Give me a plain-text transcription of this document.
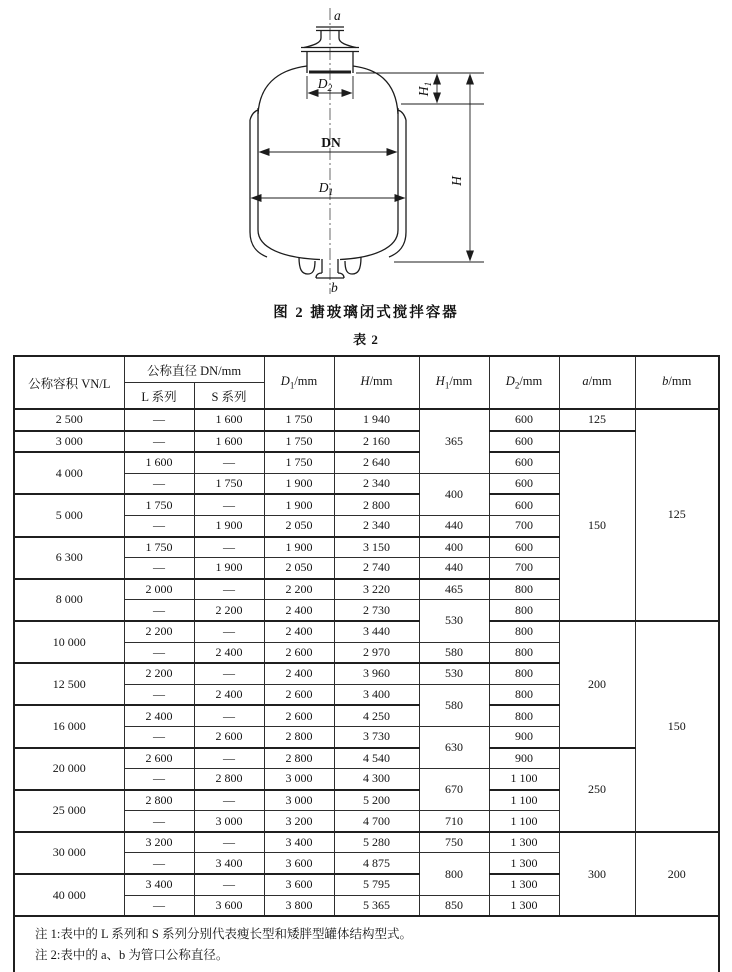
a
$D_2$
DN
$D_1$
$H_1$
H
b
图 2 搪玻璃闭式搅拌容器
表 2
公称容积 VN/L	公称直径 DN/mm		$D_1/mm$	H/mm	$H_1/mm$	$D_2/mm$	a/mm	b/mm
	L 系列	S 系列						
2 500	—	1 600	1 750	1 940	365	600	125	125
3 000	—	1 600	1 750	2 160		600	150	
4 000	1 600	—	1 750	2 640		600		
	—	1 750	1 900	2 340	400	600		
5 000	1 750	—	1 900	2 800		600		
	—	1 900	2 050	2 340	440	700		
6 300	1 750	—	1 900	3 150	400	600		
	—	1 900	2 050	2 740	440	700		
8 000	2 000	—	2 200	3 220	465	800		
	—	2 200	2 400	2 730	530	800		
10 000	2 200	—	2 400	3 440		800	200	150
	—	2 400	2 600	2 970	580	800		
12 500	2 200	—	2 400	3 960	530	800		
	—	2 400	2 600	3 400	580	800		
16 000	2 400	—	2 600	4 250		800		
	—	2 600	2 800	3 730	630	900		
20 000	2 600	—	2 800	4 540		900	250	
	—	2 800	3 000	4 300	670	1 100		
25 000	2 800	—	3 000	5 200		1 100		
	—	3 000	3 200	4 700	710	1 100		
30 000	3 200	—	3 400	5 280	750	1 300	300	200
	—	3 400	3 600	4 875	800	1 300		
40 000	3 400	—	3 600	5 795		1 300		
	—	3 600	3 800	5 365	850	1 300		

注 1:表中的 L 系列和 S 系列分别代表瘦长型和矮胖型罐体结构型式。
注 2:表中的 a、b 为管口公称直径。								
